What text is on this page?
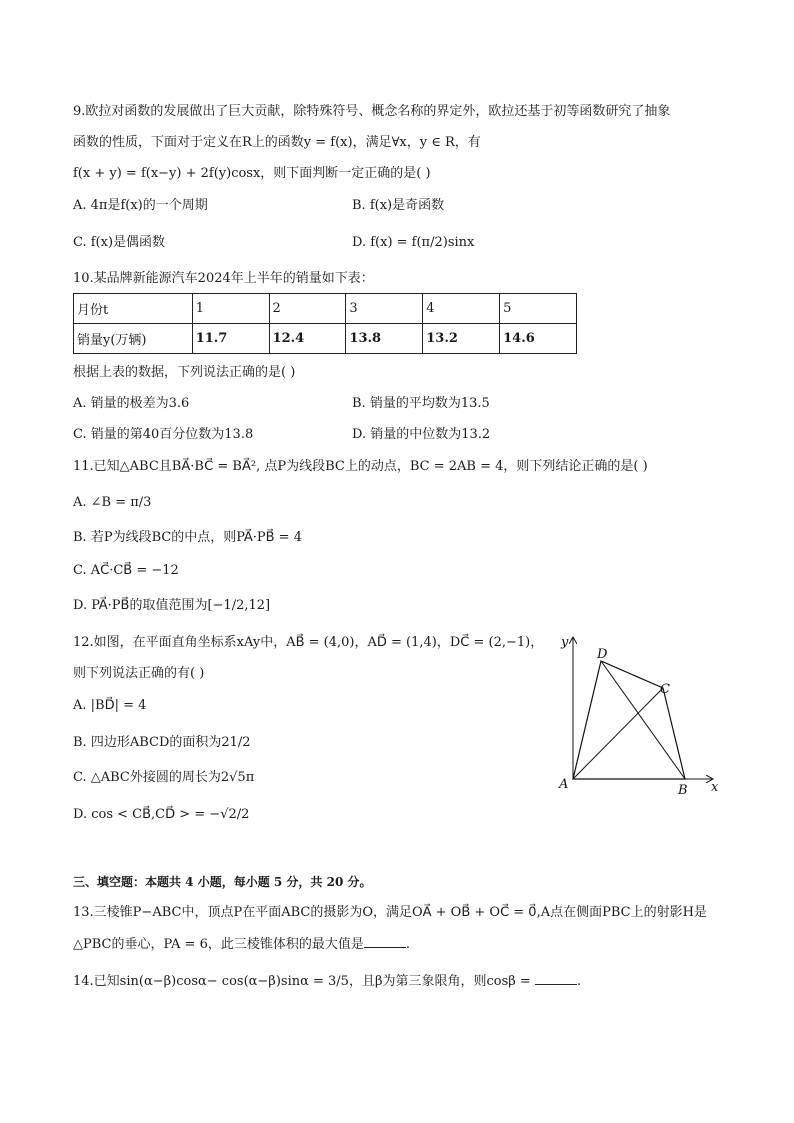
9.欧拉对函数的发展做出了巨大贡献，除特殊符号、概念名称的界定外，欧拉还基于初等函数研究了抽象
函数的性质，下面对于定义在R上的函数y = f(x)，满足∀x，y ∈ R，有
f(x + y) = f(x−y) + 2f(y)cosx，则下面判断一定正确的是( )
A. 4π是f(x)的一个周期	B. f(x)是奇函数
C. f(x)是偶函数	D. f(x) = f(π/2)sinx
10.某品牌新能源汽车2024年上半年的销量如下表：
月份t	1	2	3	4	5
销量y(万辆)	11.7	12.4	13.8	13.2	14.6
根据上表的数据，下列说法正确的是( )
A. 销量的极差为3.6	B. 销量的平均数为13.5
C. 销量的第40百分位数为13.8	D. 销量的中位数为13.2
11.已知△ABC且BA⃗·BC⃗ = BA⃗², 点P为线段BC上的动点，BC = 2AB = 4，则下列结论正确的是( )
A. ∠B = π/3
B. 若P为线段BC的中点，则PA⃗·PB⃗ = 4
C. AC⃗·CB⃗ = −12
D. PA⃗·PB⃗的取值范围为[−1/2,12]
12.如图，在平面直角坐标系xAy中，AB⃗ = (4,0)，AD⃗ = (1,4)，DC⃗ = (2,−1)，
则下列说法正确的有( )
A. |BD⃗| = 4
B. 四边形ABCD的面积为21/2
C. △ABC外接圆的周长为2√5π
D. cos < CB⃗,CD⃗ > = −√2/2
y
x
A	B
C
D
三、填空题：本题共 4 小题，每小题 5 分，共 20 分。
13.三棱锥P−ABC中，顶点P在平面ABC的摄影为O，满足OA⃗ + OB⃗ + OC⃗ = 0⃗,A点在侧面PBC上的射影H是
△PBC的垂心，PA = 6，此三棱锥体积的最大值是	.
14.已知sin(α−β)cosα− cos(α−β)sinα = 3/5，且β为第三象限角，则cosβ =	.
